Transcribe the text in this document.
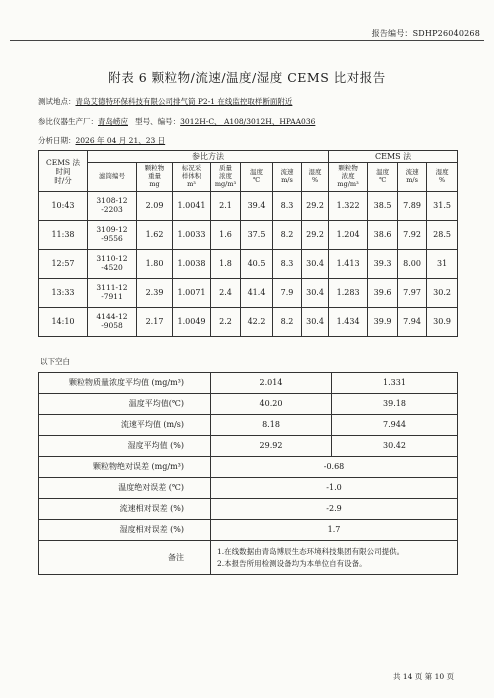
报告编号：SDHP26040268
附表 6 颗粒物/流速/温度/湿度 CEMS 比对报告
测试地点：青岛艾德特环保科技有限公司排气筒 P2-1 在线监控取样断面附近
参比仪器生产厂：青岛崂应 型号、编号：3012H-C、 A108/3012H、HPAA036
分析日期：2026 年 04 月 21、23 日
CEMS 法
时间
时/分	参比方法							CEMS 法			
	滤筒编号	颗粒物
重量
mg	标况采
样体积
m³	质量
浓度
mg/m³	温度
℃	流速
m/s	湿度
%	颗粒物
浓度
mg/m³	温度
℃	流速
m/s	湿度
%
10:43	3108-12
-2203	2.09	1.0041	2.1	39.4	8.3	29.2	1.322	38.5	7.89	31.5
11:38	3109-12
-9556	1.62	1.0033	1.6	37.5	8.2	29.2	1.204	38.6	7.92	28.5
12:57	3110-12
-4520	1.80	1.0038	1.8	40.5	8.3	30.4	1.413	39.3	8.00	31
13:33	3111-12
-7911	2.39	1.0071	2.4	41.4	7.9	30.4	1.283	39.6	7.97	30.2
14:10	4144-12
-9058	2.17	1.0049	2.2	42.2	8.2	30.4	1.434	39.9	7.94	30.9
以下空白
颗粒物质量浓度平均值 (mg/m³)	2.014	1.331
温度平均值(℃)	40.20	39.18
流速平均值 (m/s)	8.18	7.944
湿度平均值 (%)	29.92	30.42
颗粒物绝对误差 (mg/m³)	-0.68	
温度绝对误差 (℃)	-1.0	
流速相对误差 (%)	-2.9	
湿度相对误差 (%)	1.7	
备注	1.在线数据由青岛博辰生态环境科技集团有限公司提供。
2.本报告所用检测设备均为本单位自有设备。	
共 14 页 第 10 页
